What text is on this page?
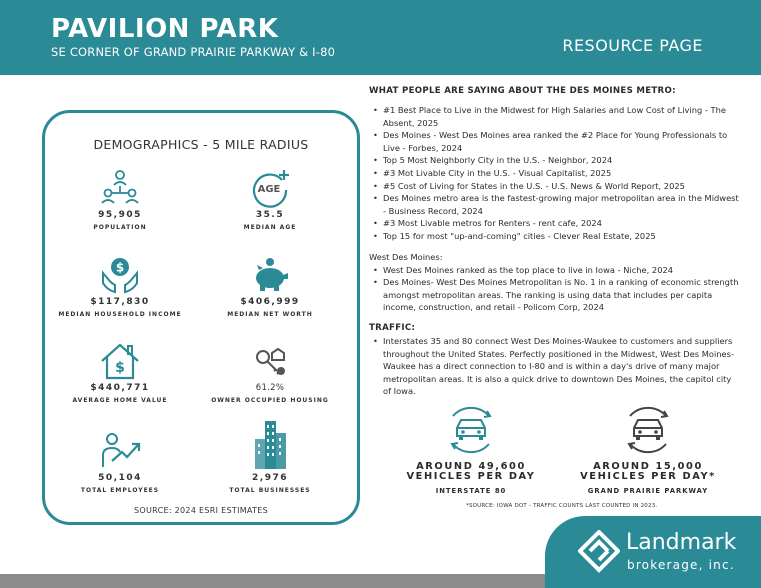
PAVILION PARK
SE CORNER OF GRAND PRAIRIE PARKWAY & I-80	RESOURCE PAGE
DEMOGRAPHICS - 5 MILE RADIUS
95,905
POPULATION
AGE
35.5
MEDIAN AGE
$
$117,830
MEDIAN HOUSEHOLD INCOME
$406,999
MEDIAN NET WORTH
$
$440,771
AVERAGE HOME VALUE
61.2%
OWNER OCCUPIED HOUSING
50,104
TOTAL EMPLOYEES
2,976
TOTAL BUSINESSES
SOURCE: 2024 ESRI ESTIMATES
WHAT PEOPLE ARE SAYING ABOUT THE DES MOINES METRO:
• #1 Best Place to Live in the Midwest for High Salaries and Low Cost of Living - The Absent, 2025
• Des Moines - West Des Moines area ranked the #2 Place for Young Professionals to Live - Forbes, 2024
• Top 5 Most Neighborly City in the U.S. - Neighbor, 2024
• #3 Mot Livable City in the U.S. - Visual Capitalist, 2025
• #5 Cost of Living for States in the U.S. - U.S. News & World Report, 2025
• Des Moines metro area is the fastest-growing major metropolitan area in the Midwest - Business Record, 2024
• #3 Most Livable metros for Renters - rent cafe, 2024
• Top 15 for most "up-and-coming" cities - Clever Real Estate, 2025
West Des Moines:
• West Des Moines ranked as the top place to live in Iowa - Niche, 2024
• Des Moines- West Des Moines Metropolitan is No. 1 in a ranking of economic strength amongst metropolitan areas. The ranking is using data that includes per capita income, construction, and retail - Policom Corp, 2024
TRAFFIC:
• Interstates 35 and 80 connect West Des Moines-Waukee to customers and suppliers throughout the United States. Perfectly positioned in the Midwest, West Des Moines-Waukee has a direct connection to I-80 and is within a day's drive of many major metropolitan areas. It is also a quick drive to downtown Des Moines, the capitol city of Iowa.
AROUND 49,600
VEHICLES PER DAY
INTERSTATE 80
AROUND 15,000
VEHICLES PER DAY*
GRAND PRAIRIE PARKWAY
*SOURCE: IOWA DOT - TRAFFIC COUNTS LAST COUNTED IN 2023.
Landmark
brokerage, inc.
